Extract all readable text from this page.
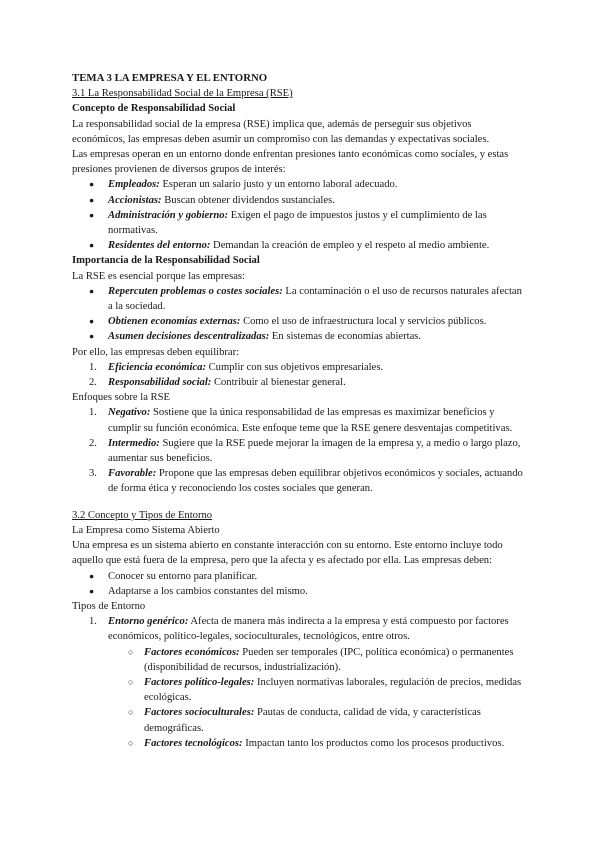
TEMA 3 LA EMPRESA Y EL ENTORNO

3.1 La Responsabilidad Social de la Empresa (RSE)

Concepto de Responsabilidad Social

La responsabilidad social de la empresa (RSE) implica que, además de perseguir sus objetivos económicos, las empresas deben asumir un compromiso con las demandas y expectativas sociales.

Las empresas operan en un entorno donde enfrentan presiones tanto económicas como sociales, y estas presiones provienen de diversos grupos de interés:

● Empleados: Esperan un salario justo y un entorno laboral adecuado.
● Accionistas: Buscan obtener dividendos sustanciales.
● Administración y gobierno: Exigen el pago de impuestos justos y el cumplimiento de las normativas.
● Residentes del entorno: Demandan la creación de empleo y el respeto al medio ambiente.

Importancia de la Responsabilidad Social

La RSE es esencial porque las empresas:

● Repercuten problemas o costes sociales: La contaminación o el uso de recursos naturales afectan a la sociedad.
● Obtienen economías externas: Como el uso de infraestructura local y servicios públicos.
● Asumen decisiones descentralizadas: En sistemas de economías abiertas.

Por ello, las empresas deben equilibrar:

1. Eficiencia económica: Cumplir con sus objetivos empresariales.
2. Responsabilidad social: Contribuir al bienestar general.

Enfoques sobre la RSE

1. Negativo: Sostiene que la única responsabilidad de las empresas es maximizar beneficios y cumplir su función económica. Este enfoque teme que la RSE genere desventajas competitivas.
2. Intermedio: Sugiere que la RSE puede mejorar la imagen de la empresa y, a medio o largo plazo, aumentar sus beneficios.
3. Favorable: Propone que las empresas deben equilibrar objetivos económicos y sociales, actuando de forma ética y reconociendo los costes sociales que generan.

3.2 Concepto y Tipos de Entorno

La Empresa como Sistema Abierto

Una empresa es un sistema abierto en constante interacción con su entorno. Este entorno incluye todo aquello que está fuera de la empresa, pero que la afecta y es afectado por ella. Las empresas deben:

● Conocer su entorno para planificar.
● Adaptarse a los cambios constantes del mismo.

Tipos de Entorno

1. Entorno genérico: Afecta de manera más indirecta a la empresa y está compuesto por factores económicos, político-legales, socioculturales, tecnológicos, entre otros.
○ Factores económicos: Pueden ser temporales (IPC, política económica) o permanentes (disponibilidad de recursos, industrialización).
○ Factores político-legales: Incluyen normativas laborales, regulación de precios, medidas ecológicas.
○ Factores socioculturales: Pautas de conducta, calidad de vida, y características demográficas.
○ Factores tecnológicos: Impactan tanto los productos como los procesos productivos.
